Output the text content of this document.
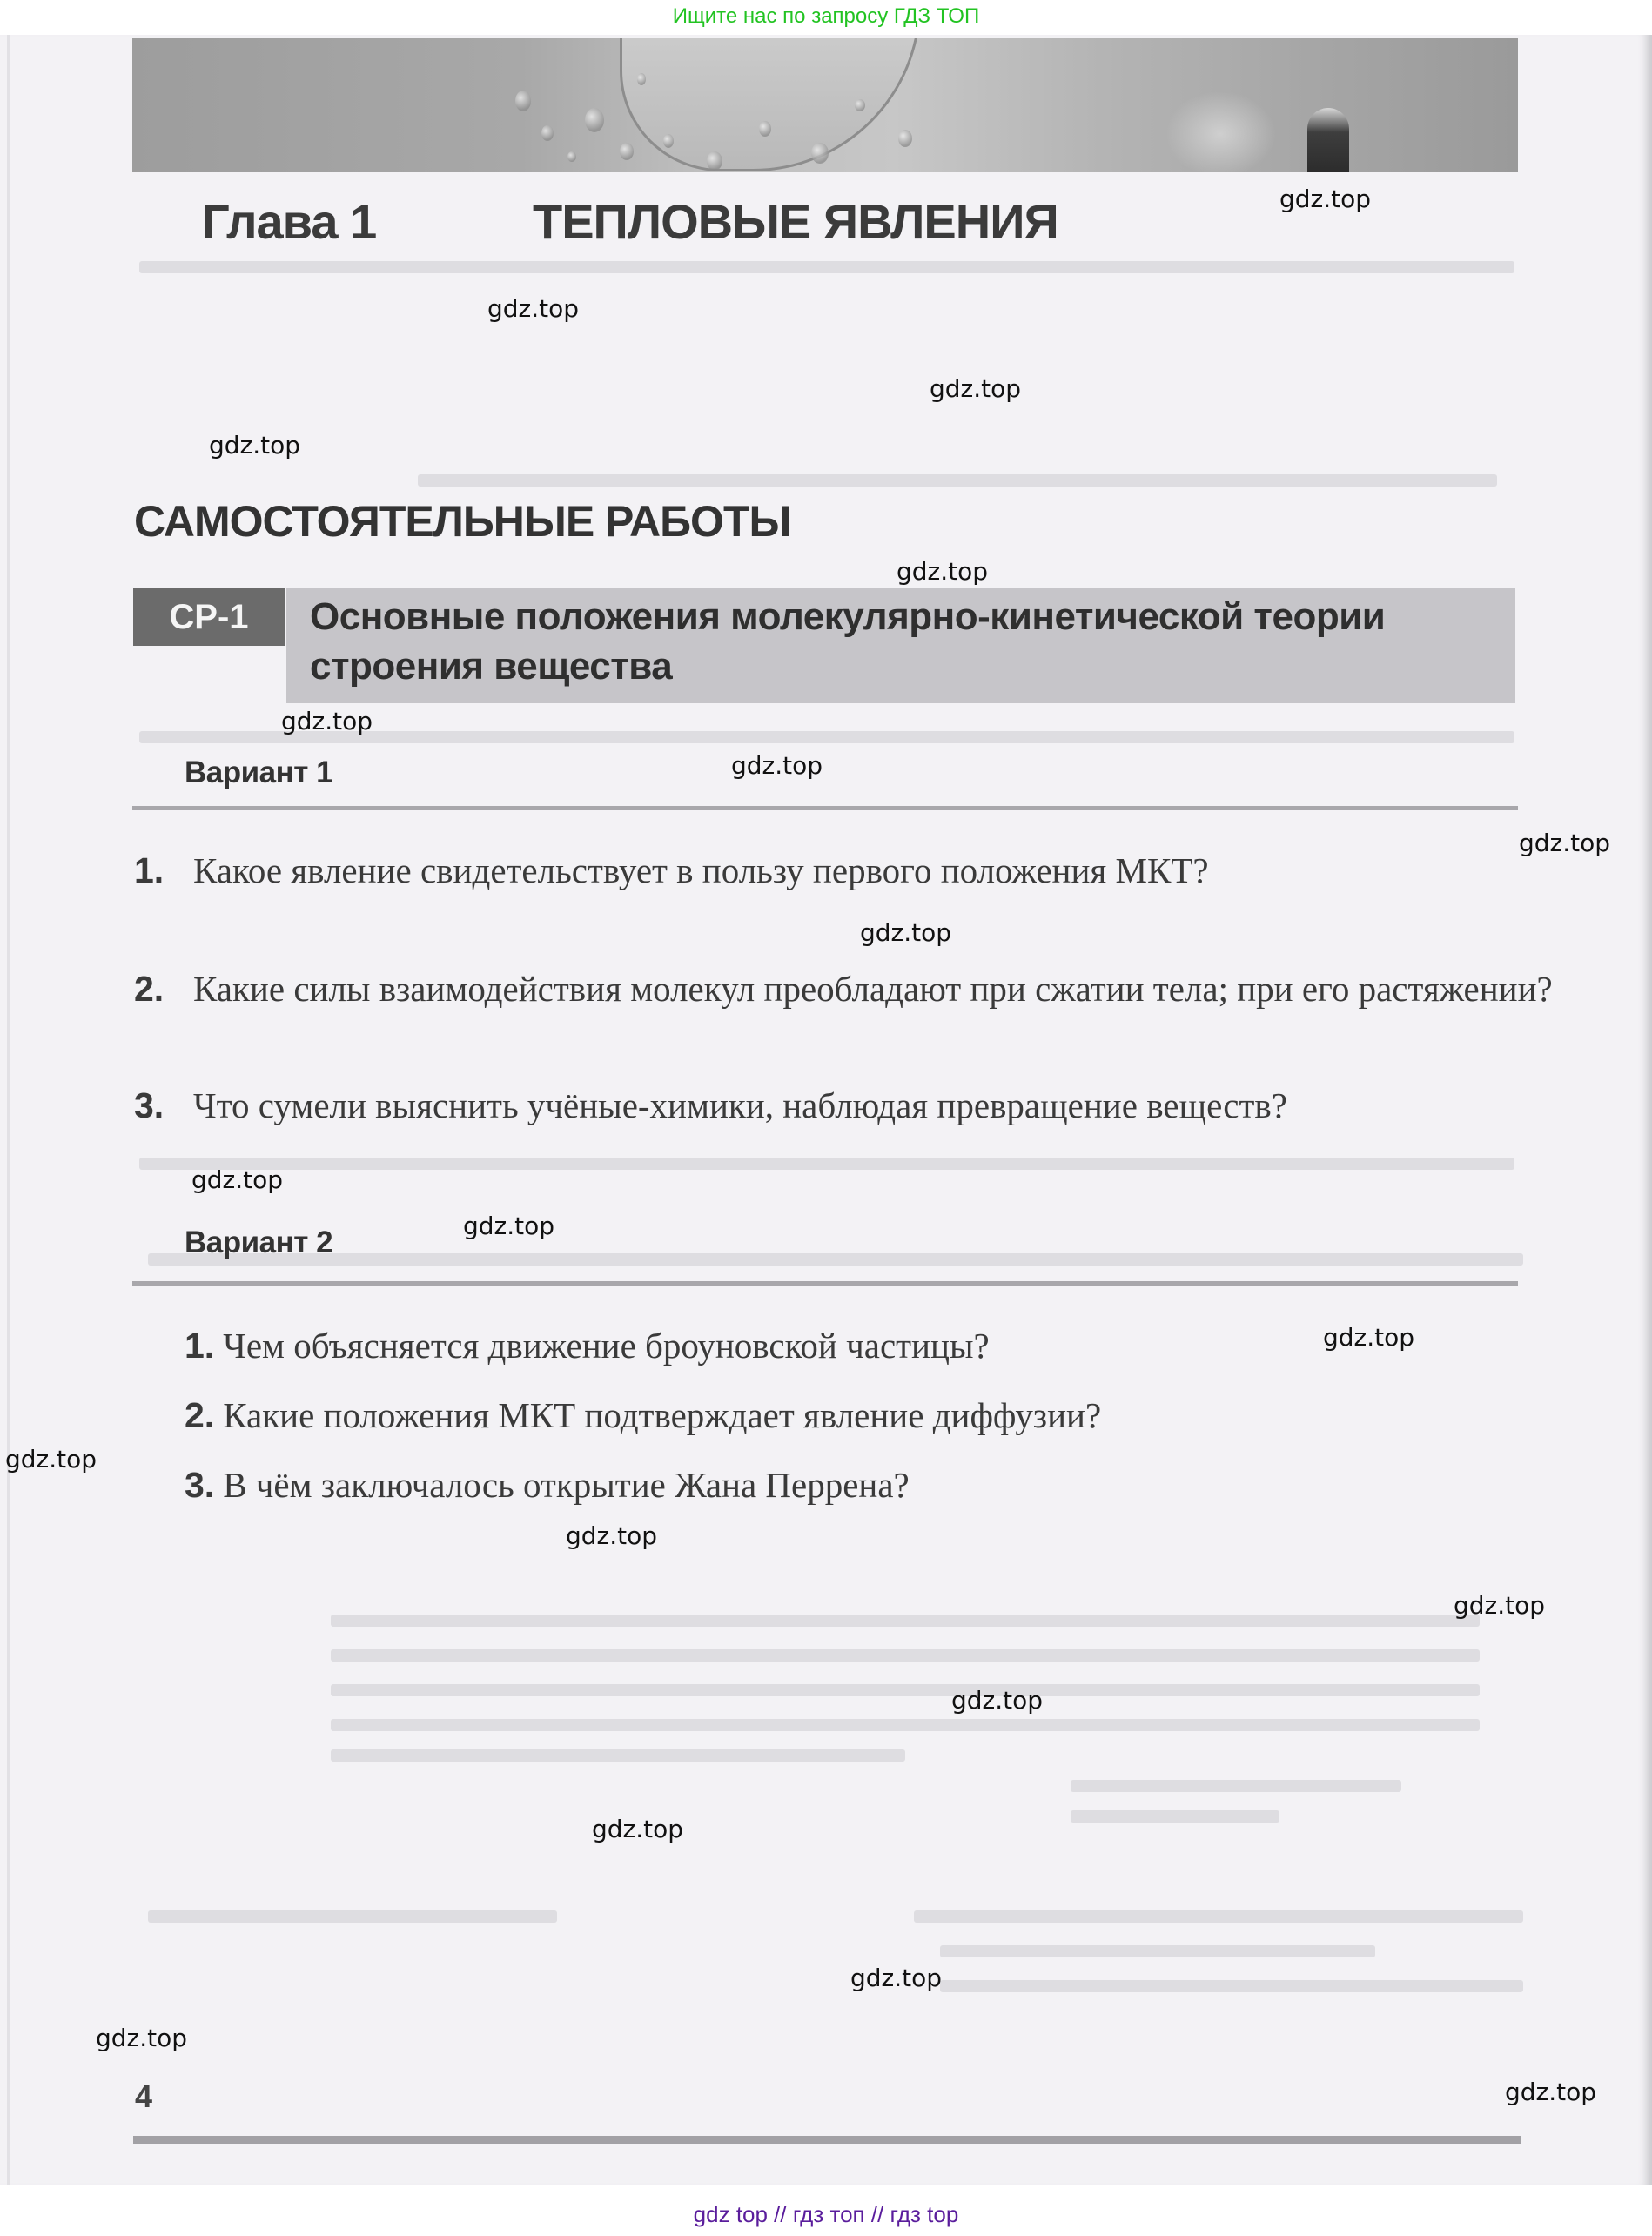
Ищите нас по запросу ГДЗ ТОП
Глава 1	ТЕПЛОВЫЕ ЯВЛЕНИЯ
САМОСТОЯТЕЛЬНЫЕ РАБОТЫ
СР-1	Основные положения молекулярно-кинетической теории строения вещества
Вариант 1
Какое явление свидетельствует в пользу первого положения МКТ?
Какие силы взаимодействия молекул преобладают при сжатии тела; при его растяжении?
Что сумели выяснить учёные-химики, наблюдая превращение веществ?
Вариант 2
1. Чем объясняется движение броуновской частицы?
2. Какие положения МКТ подтверждает явление диффузии?
3. В чём заключалось открытие Жана Перрена?
4
gdz.top
gdz.top
gdz.top
gdz.top
gdz.top
gdz.top
gdz.top
gdz.top
gdz.top
gdz.top
gdz.top
gdz.top
gdz.top
gdz.top
gdz.top
gdz.top
gdz.top
gdz.top
gdz.top
gdz.top
gdz top // гдз топ // гдз top
